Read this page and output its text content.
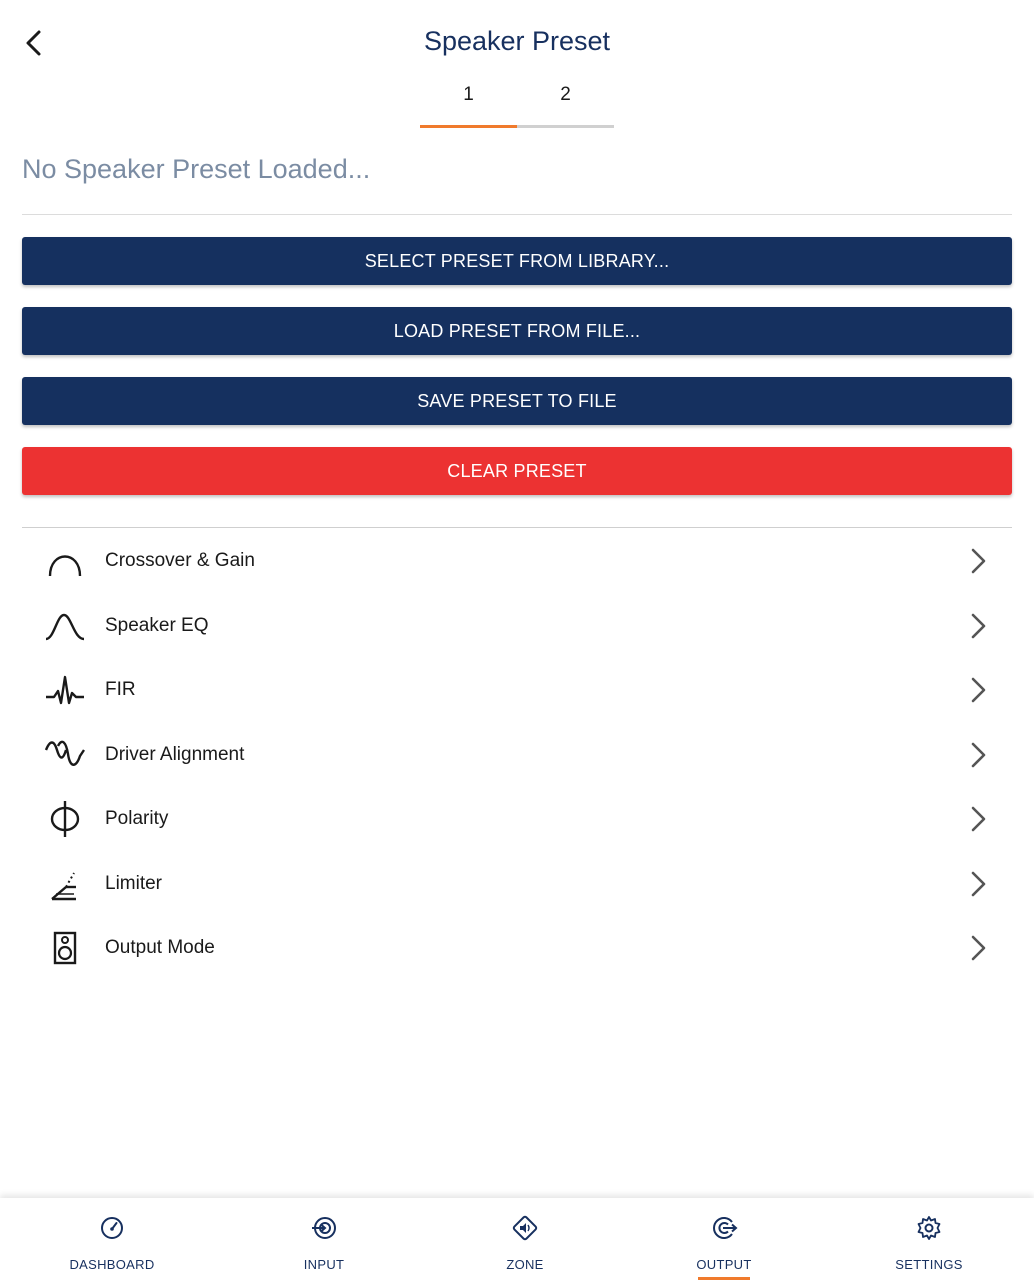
Speaker Preset
1	2
No Speaker Preset Loaded...
SELECT PRESET FROM LIBRARY...
LOAD PRESET FROM FILE...
SAVE PRESET TO FILE
CLEAR PRESET
Crossover & Gain
Speaker EQ
FIR
Driver Alignment
Polarity
Limiter
Output Mode
DASHBOARD	INPUT	ZONE	OUTPUT	SETTINGS
